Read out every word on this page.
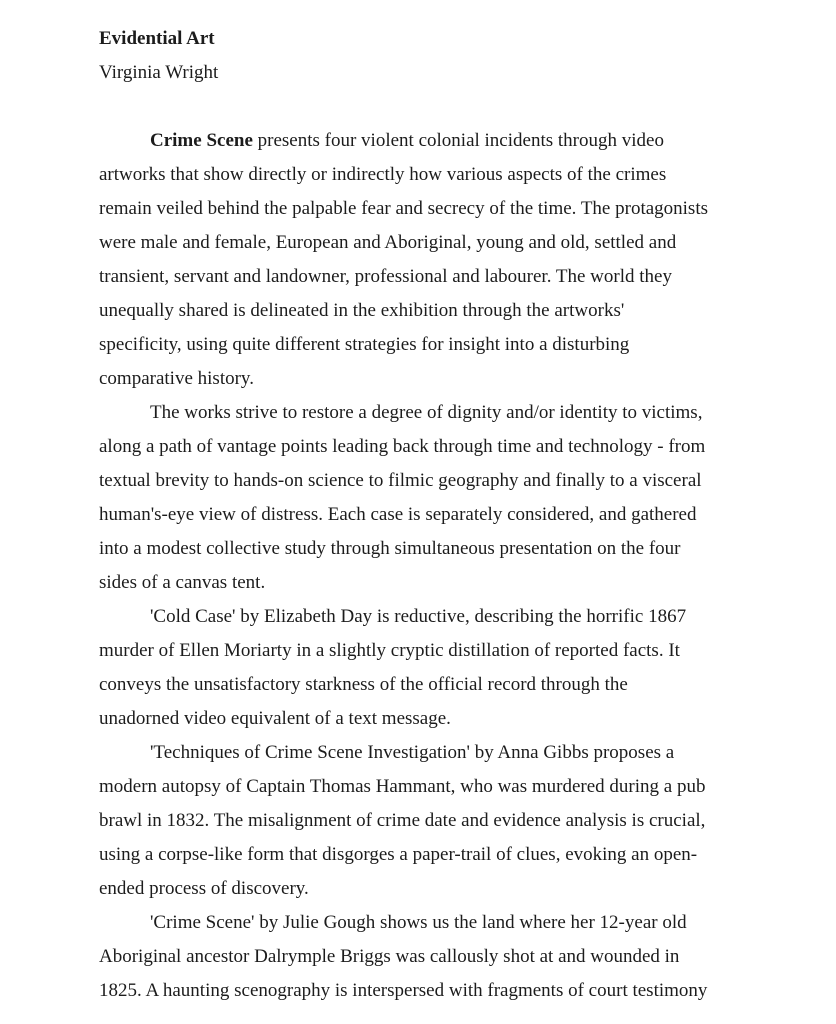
Evidential Art
Virginia Wright
Crime Scene presents four violent colonial incidents through video
artworks that show directly or indirectly how various aspects of the crimes
remain veiled behind the palpable fear and secrecy of the time. The protagonists
were male and female, European and Aboriginal, young and old, settled and
transient, servant and landowner, professional and labourer. The world they
unequally shared is delineated in the exhibition through the artworks'
specificity, using quite different strategies for insight into a disturbing
comparative history.
The works strive to restore a degree of dignity and/or identity to victims,
along a path of vantage points leading back through time and technology - from
textual brevity to hands-on science to filmic geography and finally to a visceral
human's-eye view of distress. Each case is separately considered, and gathered
into a modest collective study through simultaneous presentation on the four
sides of a canvas tent.
'Cold Case' by Elizabeth Day is reductive, describing the horrific 1867
murder of Ellen Moriarty in a slightly cryptic distillation of reported facts. It
conveys the unsatisfactory starkness of the official record through the
unadorned video equivalent of a text message.
'Techniques of Crime Scene Investigation' by Anna Gibbs proposes a
modern autopsy of Captain Thomas Hammant, who was murdered during a pub
brawl in 1832. The misalignment of crime date and evidence analysis is crucial,
using a corpse-like form that disgorges a paper-trail of clues, evoking an open-
ended process of discovery.
'Crime Scene' by Julie Gough shows us the land where her 12-year old
Aboriginal ancestor Dalrymple Briggs was callously shot at and wounded in
1825. A haunting scenography is interspersed with fragments of court testimony
